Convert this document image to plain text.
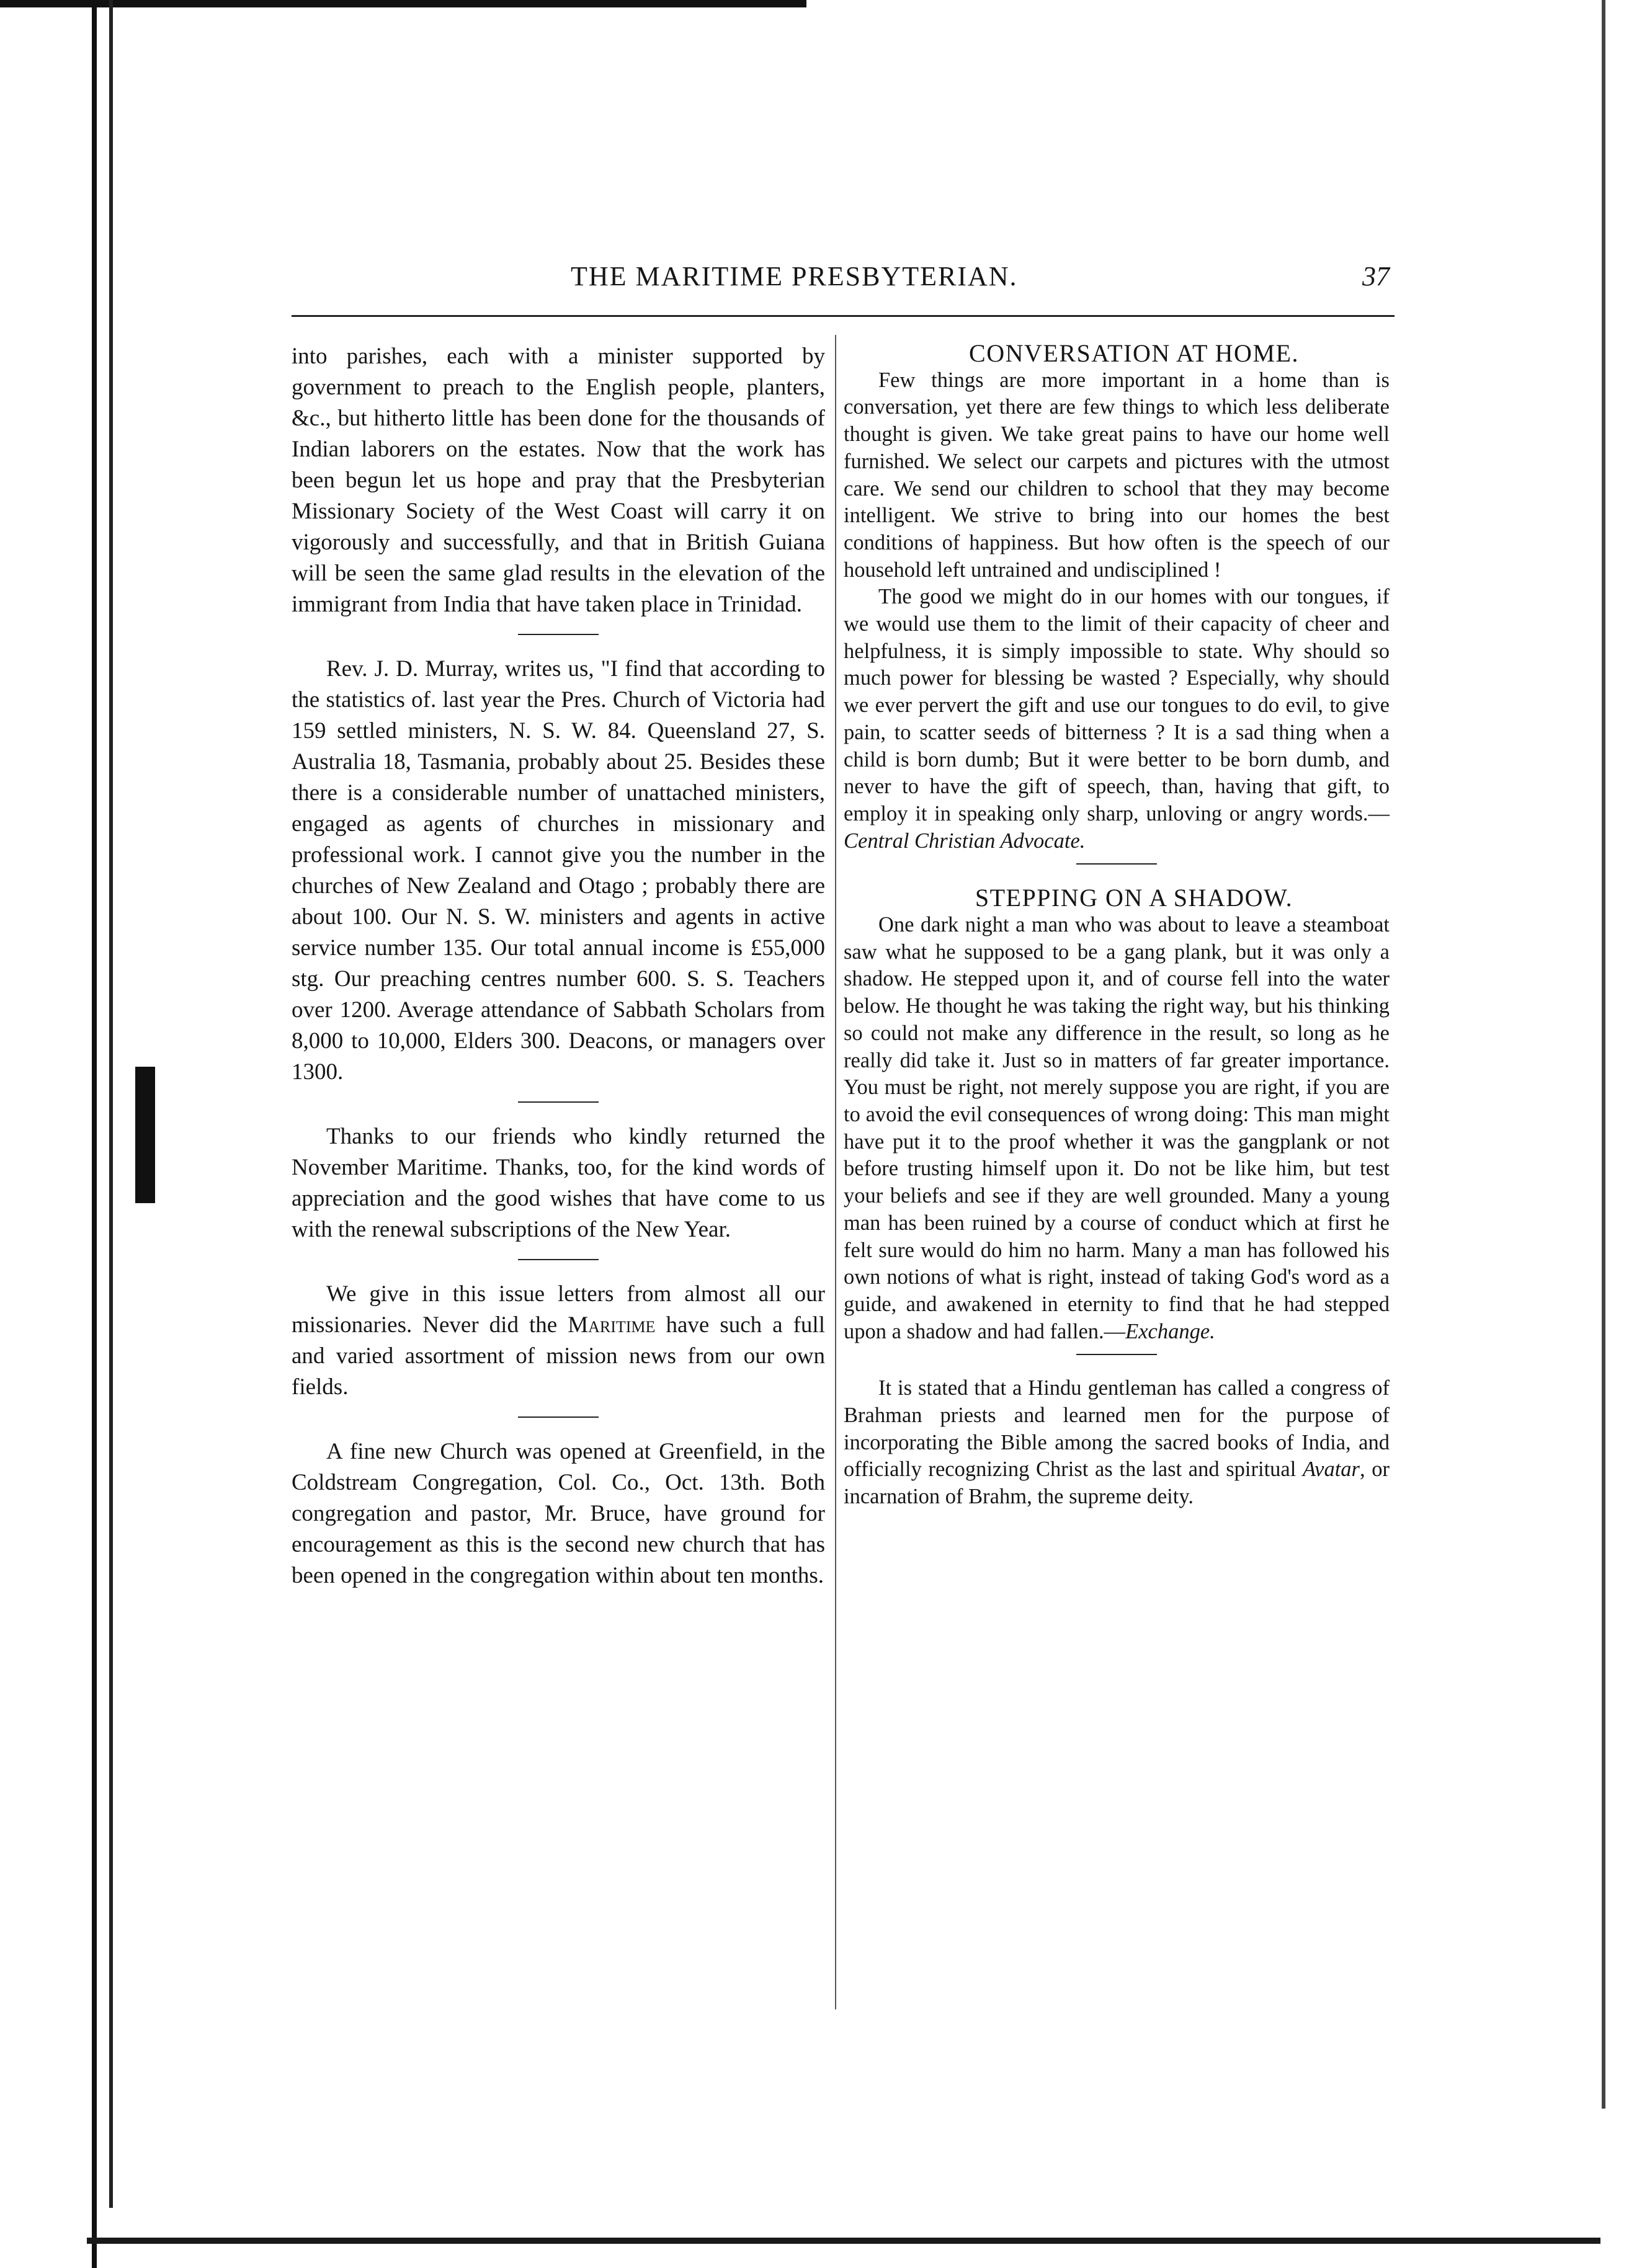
THE MARITIME PRESBYTERIAN.	37

into parishes, each with a minister supported by government to preach to the English people, planters, &c., but hitherto little has been done for the thousands of Indian laborers on the estates. Now that the work has been begun let us hope and pray that the Presbyterian Missionary Society of the West Coast will carry it on vigorously and successfully, and that in British Guiana will be seen the same glad results in the elevation of the immigrant from India that have taken place in Trinidad.

Rev. J. D. Murray, writes us, "I find that according to the statistics of. last year the Pres. Church of Victoria had 159 settled ministers, N. S. W. 84. Queensland 27, S. Australia 18, Tasmania, probably about 25. Besides these there is a considerable number of unattached ministers, engaged as agents of churches in missionary and professional work. I cannot give you the number in the churches of New Zealand and Otago ; probably there are about 100. Our N. S. W. ministers and agents in active service number 135. Our total annual income is £55,000 stg. Our preaching centres number 600. S. S. Teachers over 1200. Average attendance of Sabbath Scholars from 8,000 to 10,000, Elders 300. Deacons, or managers over 1300.

Thanks to our friends who kindly returned the November Maritime. Thanks, too, for the kind words of appreciation and the good wishes that have come to us with the renewal subscriptions of the New Year.

We give in this issue letters from almost all our missionaries. Never did the Maritime have such a full and varied assortment of mission news from our own fields.

A fine new Church was opened at Greenfield, in the Coldstream Congregation, Col. Co., Oct. 13th. Both congregation and pastor, Mr. Bruce, have ground for encouragement as this is the second new church that has been opened in the congregation within about ten months.

CONVERSATION AT HOME.

Few things are more important in a home than is conversation, yet there are few things to which less deliberate thought is given. We take great pains to have our home well furnished. We select our carpets and pictures with the utmost care. We send our children to school that they may become intelligent. We strive to bring into our homes the best conditions of happiness. But how often is the speech of our household left untrained and undisciplined !

The good we might do in our homes with our tongues, if we would use them to the limit of their capacity of cheer and helpfulness, it is simply impossible to state. Why should so much power for blessing be wasted ? Especially, why should we ever pervert the gift and use our tongues to do evil, to give pain, to scatter seeds of bitterness ? It is a sad thing when a child is born dumb; But it were better to be born dumb, and never to have the gift of speech, than, having that gift, to employ it in speaking only sharp, unloving or angry words.—Central Christian Advocate.

STEPPING ON A SHADOW.

One dark night a man who was about to leave a steamboat saw what he supposed to be a gang plank, but it was only a shadow. He stepped upon it, and of course fell into the water below. He thought he was taking the right way, but his thinking so could not make any difference in the result, so long as he really did take it. Just so in matters of far greater importance. You must be right, not merely suppose you are right, if you are to avoid the evil consequences of wrong doing: This man might have put it to the proof whether it was the gangplank or not before trusting himself upon it. Do not be like him, but test your beliefs and see if they are well grounded. Many a young man has been ruined by a course of conduct which at first he felt sure would do him no harm. Many a man has followed his own notions of what is right, instead of taking God's word as a guide, and awakened in eternity to find that he had stepped upon a shadow and had fallen.—Exchange.

It is stated that a Hindu gentleman has called a congress of Brahman priests and learned men for the purpose of incorporating the Bible among the sacred books of India, and officially recognizing Christ as the last and spiritual Avatar, or incarnation of Brahm, the supreme deity.
